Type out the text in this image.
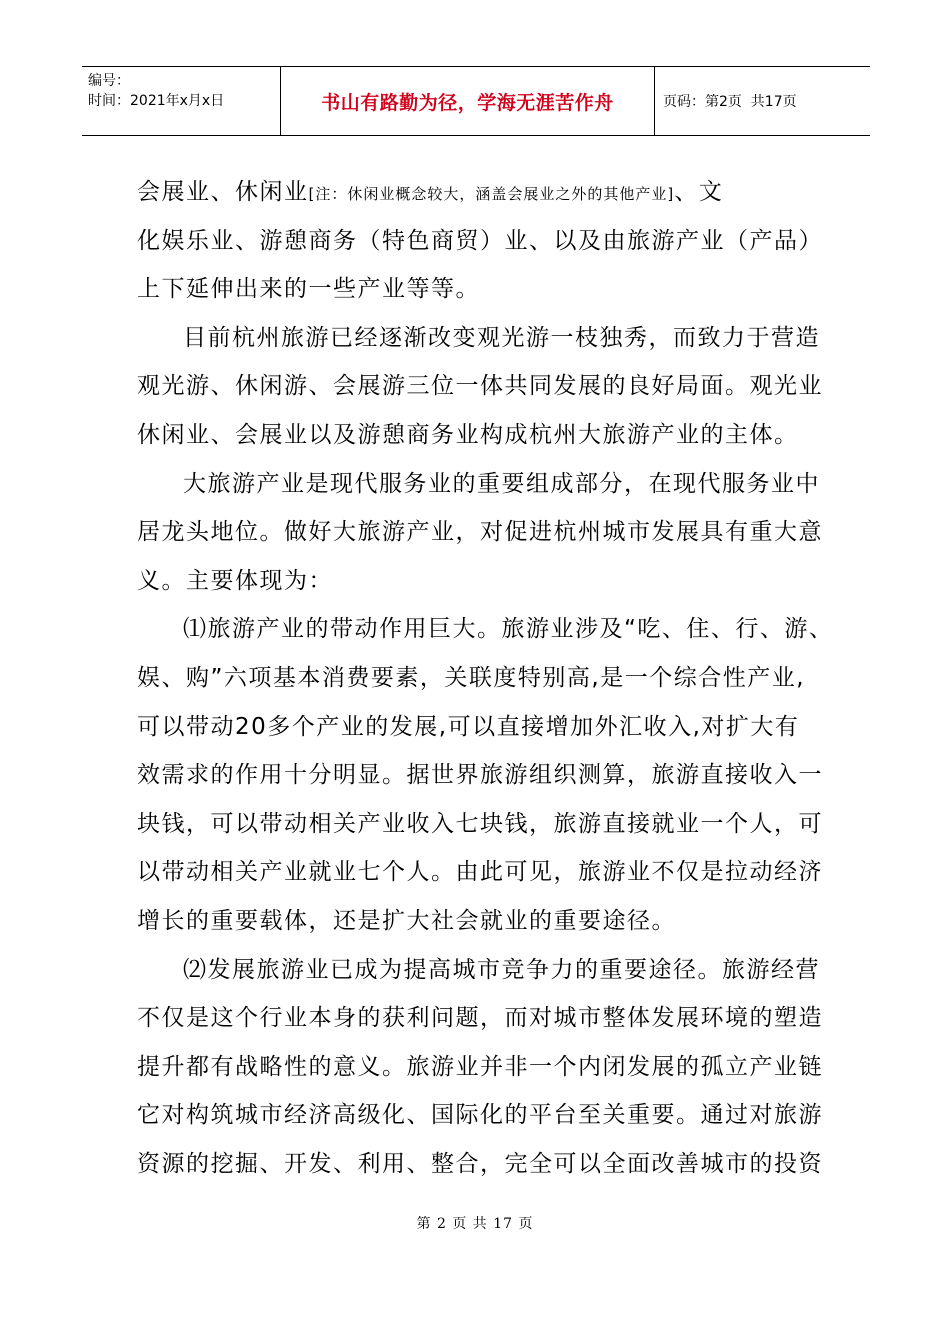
编号：
时间：2021年x月x日	书山有路勤为径，学海无涯苦作舟	页码：第2页  共17页
会展业、休闲业[注：休闲业概念较大，涵盖会展业之外的其他产业]、文
化娱乐业、游憩商务（特色商贸）业、以及由旅游产业（产品）
上下延伸出来的一些产业等等。
目前杭州旅游已经逐渐改变观光游一枝独秀，而致力于营造
观光游、休闲游、会展游三位一体共同发展的良好局面。观光业
休闲业、会展业以及游憩商务业构成杭州大旅游产业的主体。
大旅游产业是现代服务业的重要组成部分，在现代服务业中
居龙头地位。做好大旅游产业，对促进杭州城市发展具有重大意
义。主要体现为：
⑴旅游产业的带动作用巨大。旅游业涉及“吃、住、行、游、
娱、购”六项基本消费要素，关联度特别高,是一个综合性产业,
可以带动20多个产业的发展,可以直接增加外汇收入,对扩大有
效需求的作用十分明显。据世界旅游组织测算，旅游直接收入一
块钱，可以带动相关产业收入七块钱，旅游直接就业一个人，可
以带动相关产业就业七个人。由此可见，旅游业不仅是拉动经济
增长的重要载体，还是扩大社会就业的重要途径。
⑵发展旅游业已成为提高城市竞争力的重要途径。旅游经营
不仅是这个行业本身的获利问题，而对城市整体发展环境的塑造
提升都有战略性的意义。旅游业并非一个内闭发展的孤立产业链
它对构筑城市经济高级化、国际化的平台至关重要。通过对旅游
资源的挖掘、开发、利用、整合，完全可以全面改善城市的投资
第 2 页 共 17 页
